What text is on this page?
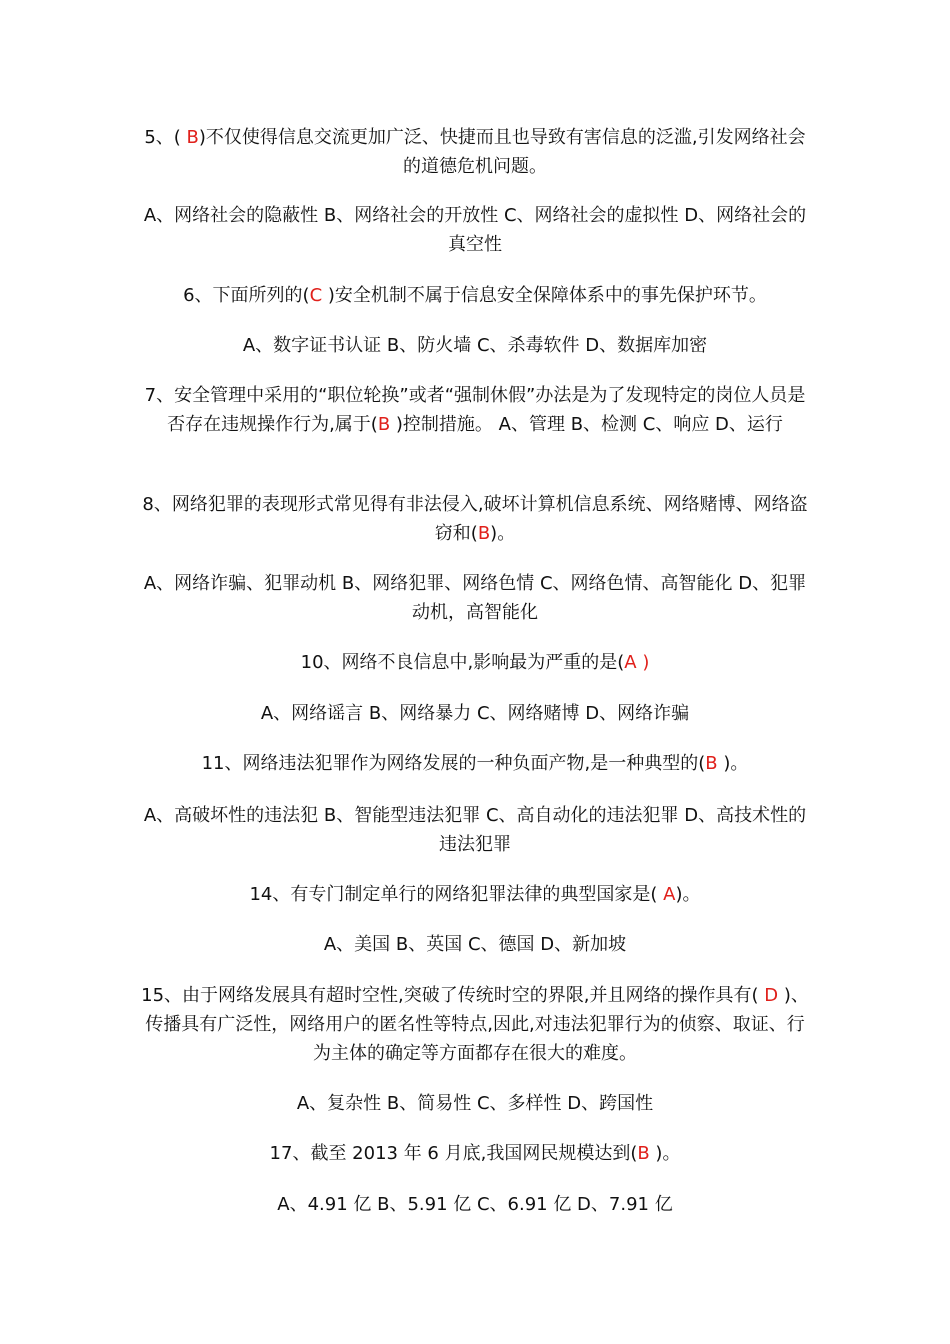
5、( B)不仅使得信息交流更加广泛、快捷而且也导致有害信息的泛滥,引发网络社会的道德危机问题。

A、网络社会的隐蔽性 B、网络社会的开放性 C、网络社会的虚拟性 D、网络社会的真空性

6、下面所列的(C )安全机制不属于信息安全保障体系中的事先保护环节。

A、数字证书认证 B、防火墙 C、杀毒软件 D、数据库加密

7、安全管理中采用的“职位轮换”或者“强制休假”办法是为了发现特定的岗位人员是否存在违规操作行为,属于(B )控制措施。 A、管理 B、检测 C、响应 D、运行

8、网络犯罪的表现形式常见得有非法侵入,破坏计算机信息系统、网络赌博、网络盗窃和(B)。

A、网络诈骗、犯罪动机 B、网络犯罪、网络色情 C、网络色情、高智能化 D、犯罪动机，高智能化

10、网络不良信息中,影响最为严重的是(A )

A、网络谣言 B、网络暴力 C、网络赌博 D、网络诈骗

11、网络违法犯罪作为网络发展的一种负面产物,是一种典型的(B )。

A、高破坏性的违法犯 B、智能型违法犯罪 C、高自动化的违法犯罪 D、高技术性的违法犯罪

14、有专门制定单行的网络犯罪法律的典型国家是( A)。

A、美国 B、英国 C、德国 D、新加坡

15、由于网络发展具有超时空性,突破了传统时空的界限,并且网络的操作具有( D )、传播具有广泛性，网络用户的匿名性等特点,因此,对违法犯罪行为的侦察、取证、行为主体的确定等方面都存在很大的难度。

A、复杂性 B、简易性 C、多样性 D、跨国性

17、截至 2013 年 6 月底,我国网民规模达到(B )。

A、4.91 亿 B、5.91 亿 C、6.91 亿 D、7.91 亿
